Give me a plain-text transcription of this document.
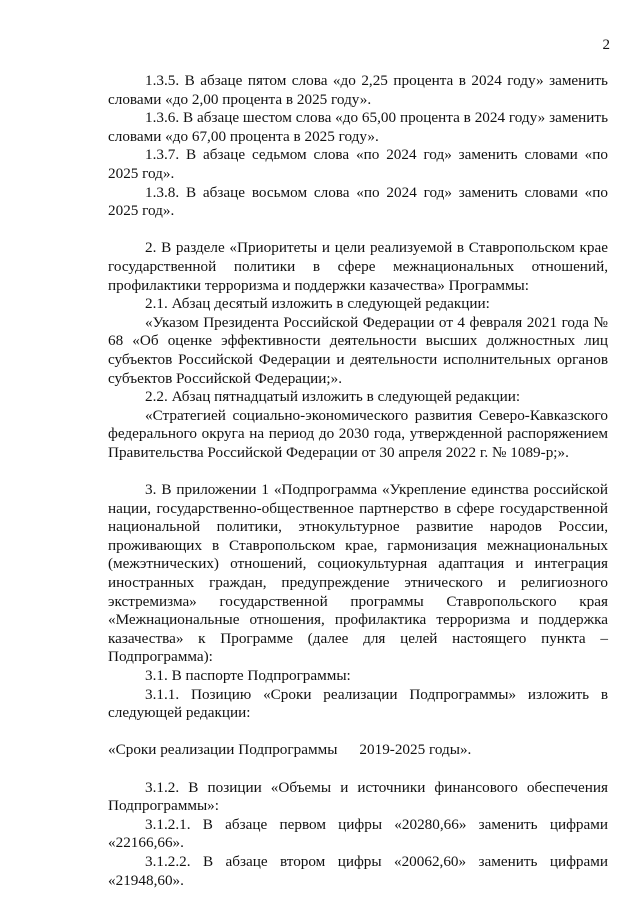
2

1.3.5. В абзаце пятом слова «до 2,25 процента в 2024 году» заменить словами «до 2,00 процента в 2025 году».

1.3.6. В абзаце шестом слова «до 65,00 процента в 2024 году» заменить словами «до 67,00 процента в 2025 году».

1.3.7. В абзаце седьмом слова «по 2024 год» заменить словами «по 2025 год».

1.3.8. В абзаце восьмом слова «по 2024 год» заменить словами «по 2025 год».

2. В разделе «Приоритеты и цели реализуемой в Ставропольском крае государственной политики в сфере межнациональных отношений, профилактики терроризма и поддержки казачества» Программы:

2.1. Абзац десятый изложить в следующей редакции:

«Указом Президента Российской Федерации от 4 февраля 2021 года № 68 «Об оценке эффективности деятельности высших должностных лиц субъектов Российской Федерации и деятельности исполнительных органов субъектов Российской Федерации;».

2.2. Абзац пятнадцатый изложить в следующей редакции:

«Стратегией социально-экономического развития Северо-Кавказского федерального округа на период до 2030 года, утвержденной распоряжением Правительства Российской Федерации от 30 апреля 2022 г. № 1089-р;».

3. В приложении 1 «Подпрограмма «Укрепление единства российской нации, государственно-общественное партнерство в сфере государственной национальной политики, этнокультурное развитие народов России, проживающих в Ставропольском крае, гармонизация межнациональных (межэтнических) отношений, социокультурная адаптация и интеграция иностранных граждан, предупреждение этнического и религиозного экстремизма» государственной программы Ставропольского края «Межнациональные отношения, профилактика терроризма и поддержка казачества» к Программе (далее для целей настоящего пункта – Подпрограмма):

3.1. В паспорте Подпрограммы:

3.1.1. Позицию «Сроки реализации Подпрограммы» изложить в следующей редакции:

«Сроки реализации Подпрограммы 2019-2025 годы».

3.1.2. В позиции «Объемы и источники финансового обеспечения Подпрограммы»:

3.1.2.1. В абзаце первом цифры «20280,66» заменить цифрами «22166,66».

3.1.2.2. В абзаце втором цифры «20062,60» заменить цифрами «21948,60».
